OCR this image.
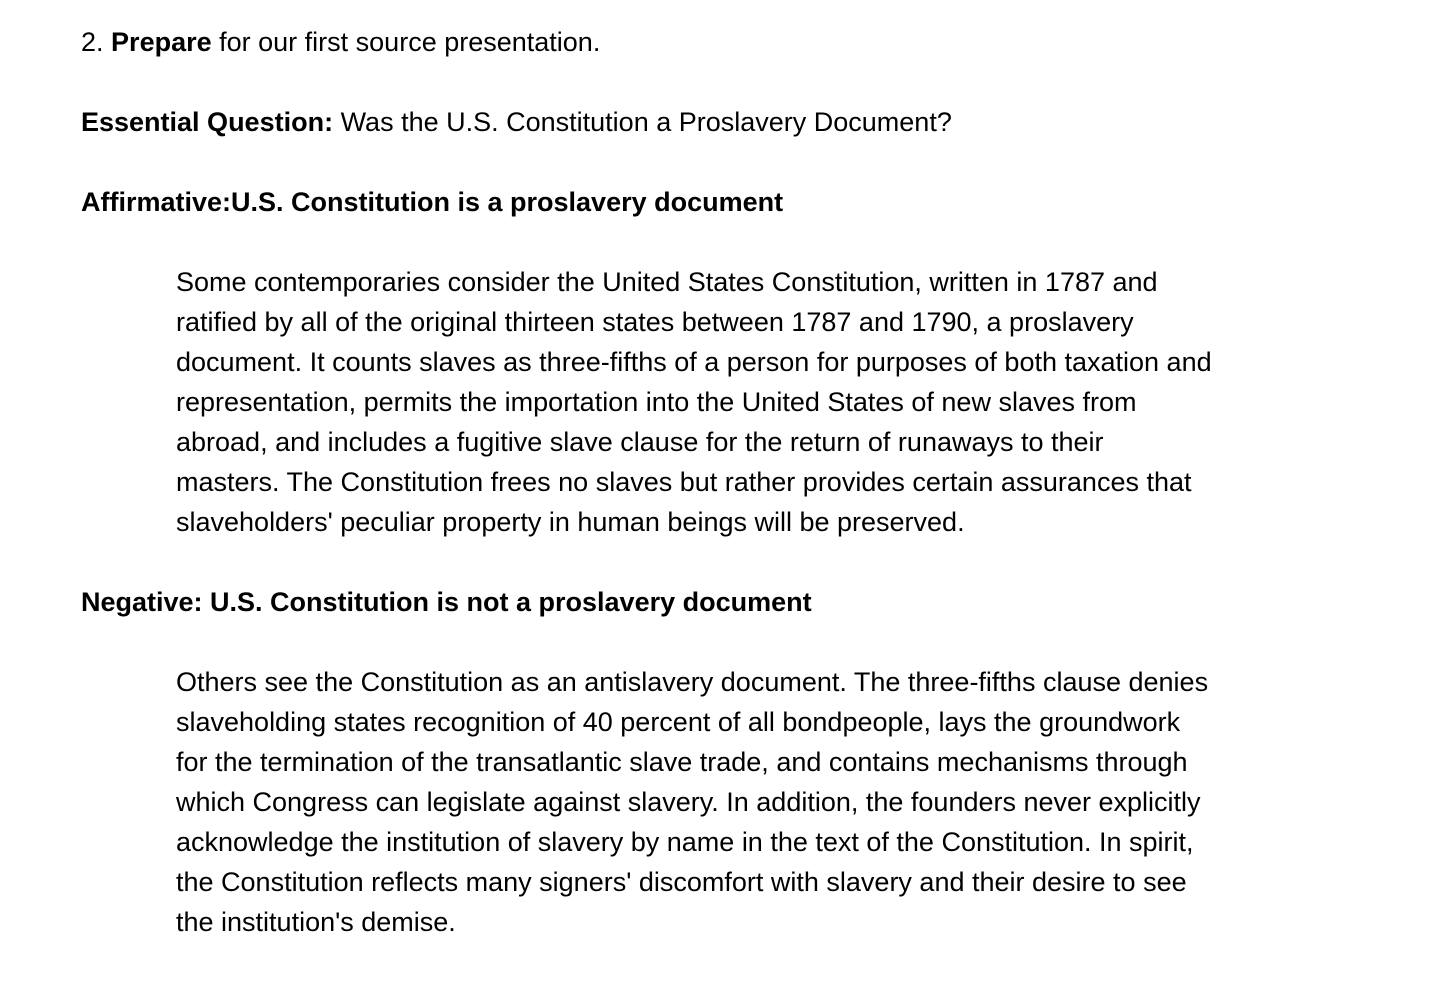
2. Prepare for our first source presentation.

Essential Question: Was the U.S. Constitution a Proslavery Document?

Affirmative:U.S. Constitution is a proslavery document

Some contemporaries consider the United States Constitution, written in 1787 and
ratified by all of the original thirteen states between 1787 and 1790, a proslavery
document. It counts slaves as three-fifths of a person for purposes of both taxation and
representation, permits the importation into the United States of new slaves from
abroad, and includes a fugitive slave clause for the return of runaways to their
masters. The Constitution frees no slaves but rather provides certain assurances that
slaveholders' peculiar property in human beings will be preserved.

Negative: U.S. Constitution is not a proslavery document

Others see the Constitution as an antislavery document. The three-fifths clause denies
slaveholding states recognition of 40 percent of all bondpeople, lays the groundwork
for the termination of the transatlantic slave trade, and contains mechanisms through
which Congress can legislate against slavery. In addition, the founders never explicitly
acknowledge the institution of slavery by name in the text of the Constitution. In spirit,
the Constitution reflects many signers' discomfort with slavery and their desire to see
the institution's demise.
